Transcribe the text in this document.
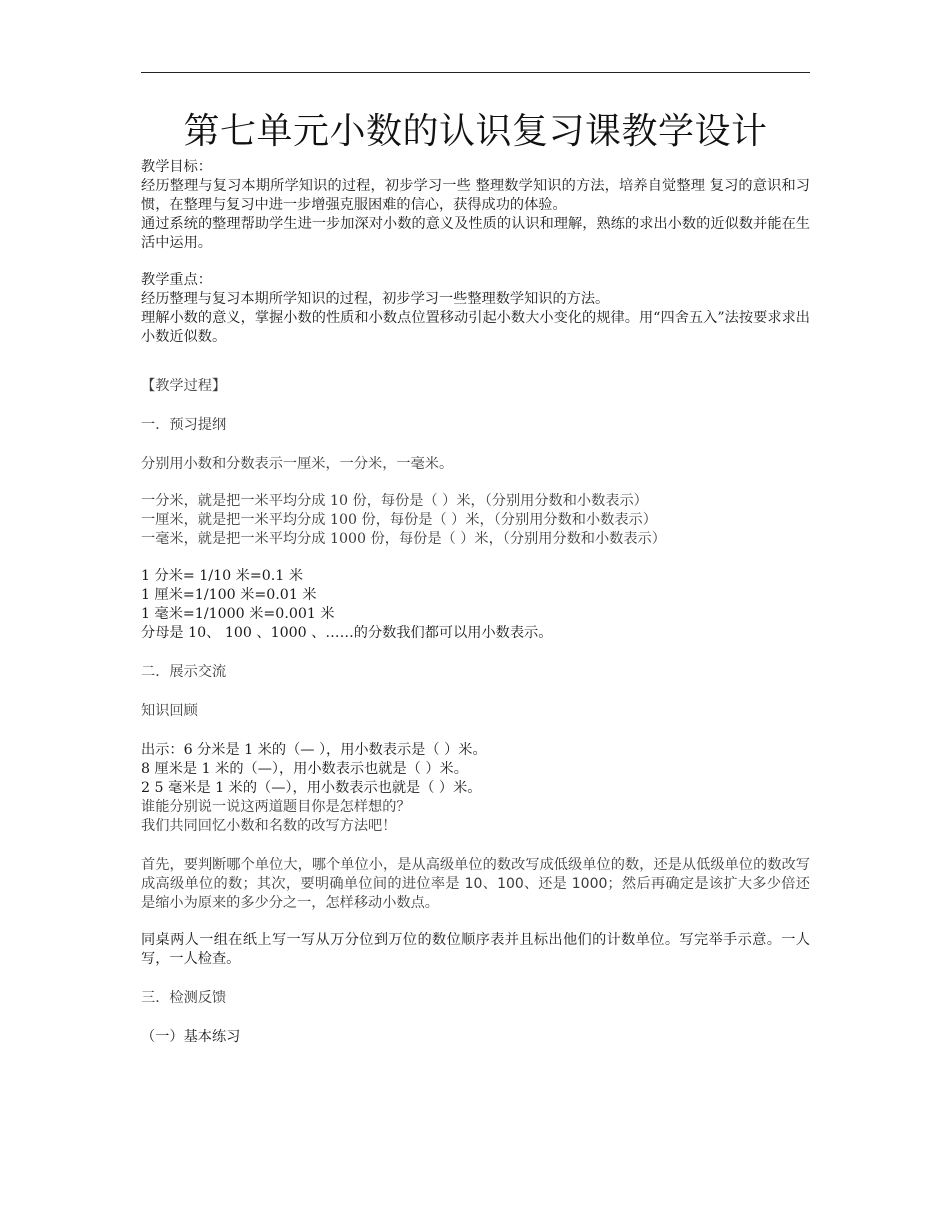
第七单元小数的认识复习课教学设计

教学目标：

经历整理与复习本期所学知识的过程，初步学习一些 整理数学知识的方法，培养自觉整理 复习的意识和习惯，在整理与复习中进一步增强克服困难的信心，获得成功的体验。

通过系统的整理帮助学生进一步加深对小数的意义及性质的认识和理解，熟练的求出小数的近似数并能在生活中运用。

教学重点：

经历整理与复习本期所学知识的过程，初步学习一些整理数学知识的方法。

理解小数的意义，掌握小数的性质和小数点位置移动引起小数大小变化的规律。用“四舍五入”法按要求求出小数近似数。

【教学过程】

一．预习提纲

分别用小数和分数表示一厘米，一分米，一毫米。

一分米，就是把一米平均分成 10 份，每份是（ ）米，（分别用分数和小数表示）

一厘米，就是把一米平均分成 100 份，每份是（ ）米，（分别用分数和小数表示）

一毫米，就是把一米平均分成 1000 份，每份是（ ）米，（分别用分数和小数表示）

1 分米= 1/10 米=0.1 米

1 厘米=1/100 米=0.01 米

1 毫米=1/1000 米=0.001 米

分母是 10、 100 、1000 、……的分数我们都可以用小数表示。

二．展示交流

知识回顾

出示：6 分米是 1 米的（— ），用小数表示是（ ）米。

8 厘米是 1 米的（—），用小数表示也就是（ ）米。

2 5 毫米是 1 米的（—），用小数表示也就是（ ）米。

谁能分别说一说这两道题目你是怎样想的？

我们共同回忆小数和名数的改写方法吧！

首先，要判断哪个单位大，哪个单位小，是从高级单位的数改写成低级单位的数，还是从低级单位的数改写成高级单位的数；其次，要明确单位间的进位率是 10、100、还是 1000；然后再确定是该扩大多少倍还是缩小为原来的多少分之一，怎样移动小数点。

同桌两人一组在纸上写一写从万分位到万位的数位顺序表并且标出他们的计数单位。写完举手示意。一人写，一人检查。

三．检测反馈

（一）基本练习
